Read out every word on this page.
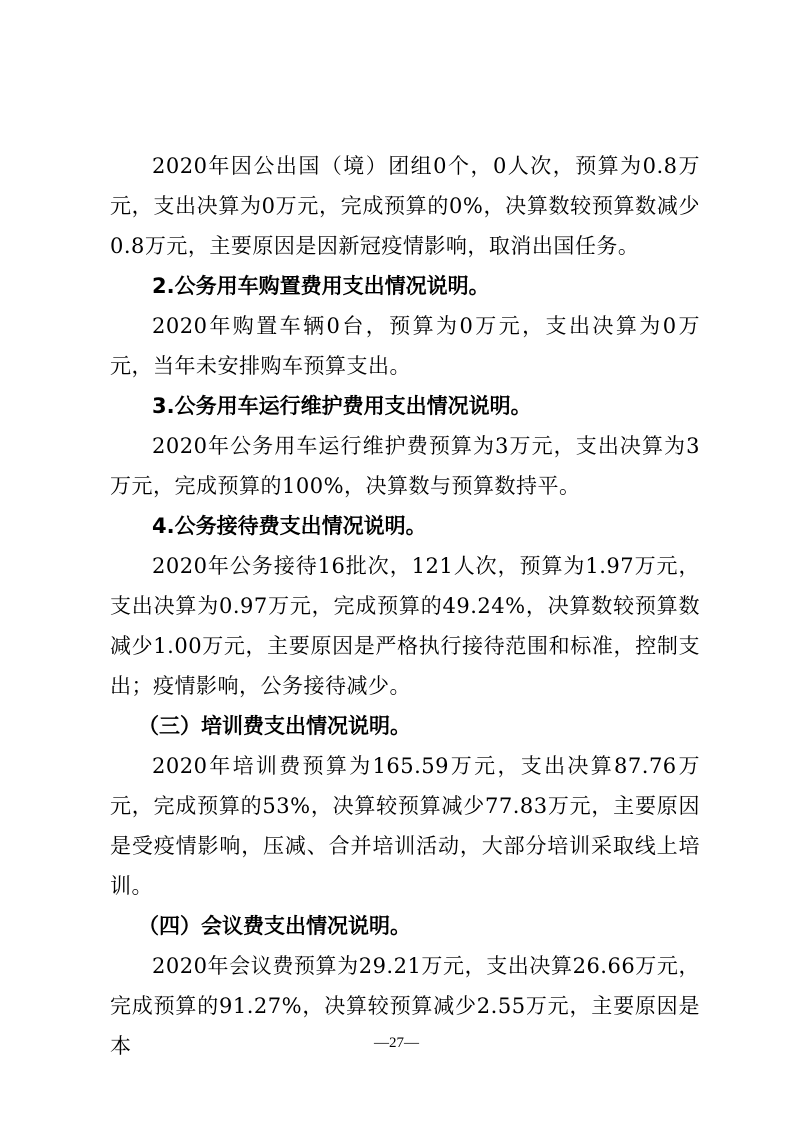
2020年因公出国（境）团组0个，0人次，预算为0.8万元，支出决算为0万元，完成预算的0%，决算数较预算数减少0.8万元，主要原因是因新冠疫情影响，取消出国任务。

2.公务用车购置费用支出情况说明。

2020年购置车辆0台，预算为0万元，支出决算为0万元，当年未安排购车预算支出。

3.公务用车运行维护费用支出情况说明。

2020年公务用车运行维护费预算为3万元，支出决算为3万元，完成预算的100%，决算数与预算数持平。

4.公务接待费支出情况说明。

2020年公务接待16批次，121人次，预算为1.97万元，支出决算为0.97万元，完成预算的49.24%，决算数较预算数减少1.00万元，主要原因是严格执行接待范围和标准，控制支出；疫情影响，公务接待减少。

（三）培训费支出情况说明。

2020年培训费预算为165.59万元，支出决算87.76万元，完成预算的53%，决算较预算减少77.83万元，主要原因是受疫情影响，压减、合并培训活动，大部分培训采取线上培训。

（四）会议费支出情况说明。

2020年会议费预算为29.21万元，支出决算26.66万元，完成预算的91.27%，决算较预算减少2.55万元，主要原因是本	—27—
